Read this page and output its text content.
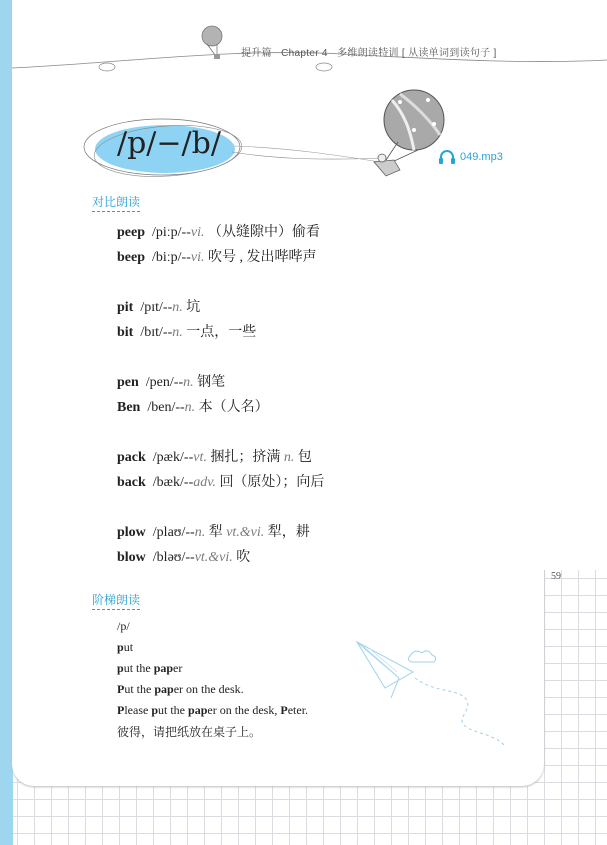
提升篇 Chapter 4 多维朗读特训 [ 从读单词到读句子 ]
/p/−/b/	049.mp3
对比朗读
peep /piːp/--vi. （从缝隙中）偷看
beep /biːp/--vi. 吹号 , 发出哔哔声
pit /pɪt/--n. 坑
bit /bɪt/--n. 一点，一些
pen /pen/--n. 钢笔
Ben /ben/--n. 本（人名）
pack /pæk/--vt. 捆扎；挤满 n. 包
back /bæk/--adv. 回（原处）；向后
plow /plaʊ/--n. 犁 vt.&vi. 犁，耕
blow /bləʊ/--vt.&vi. 吹
59
阶梯朗读
/p/
put
put the paper
Put the paper on the desk.
Please put the paper on the desk, Peter.
彼得，请把纸放在桌子上。
